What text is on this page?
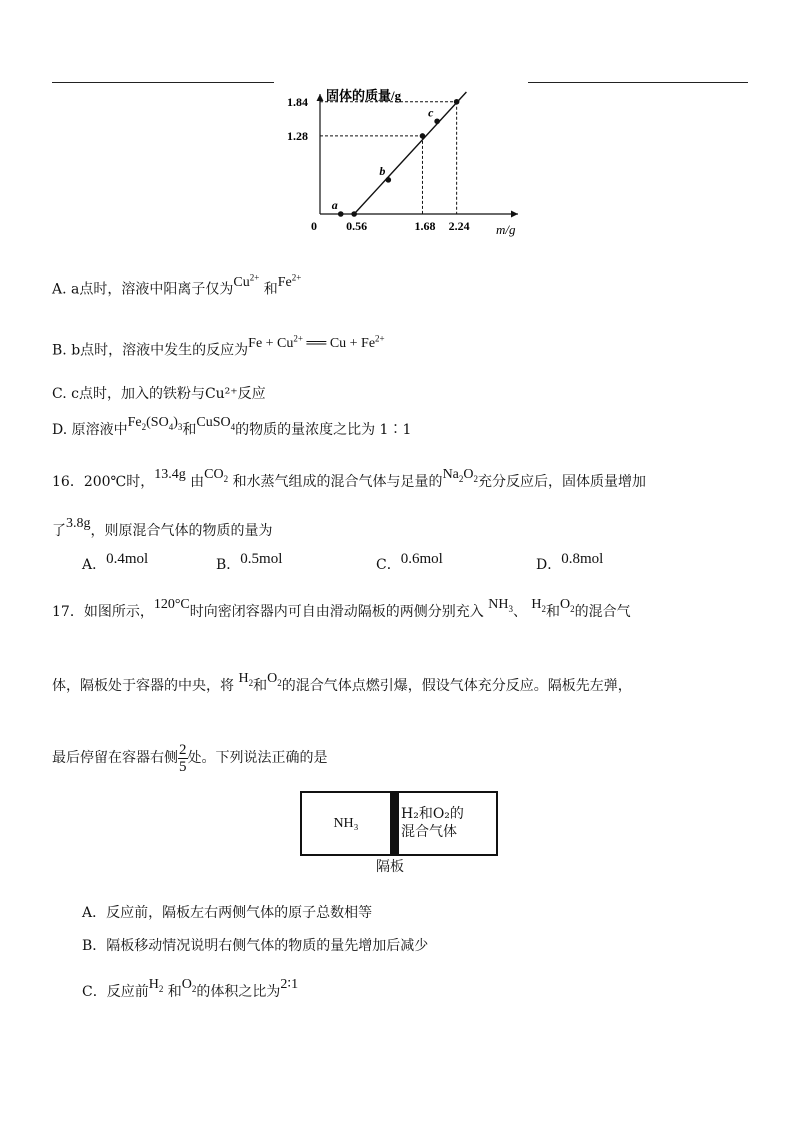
a
b
c
0 0.56	1.68 2.24
1.28
1.84 固体的质量/g
m/g
A. a点时，溶液中阳离子仅为$Cu^{2+}$ 和$Fe^{2+}$
B. b点时，溶液中发生的反应为$Fe + Cu^{2+}$ ══ $Cu + Fe^{2+}$
C. c点时，加入的铁粉与Cu²⁺反应
D. 原溶液中$Fe_2(SO_4)_3$和CuSO$_4$的物质的量浓度之比为 1∶1
16．200℃时，13.4g 由$CO_2$ 和水蒸气组成的混合气体与足量的$Na_2O_2$充分反应后，固体质量增加
了3.8g，则原混合气体的物质的量为
A．0.4mol	B．0.5mol	C．0.6mol	D．0.8mol
17．如图所示，120°C时向密闭容器内可自由滑动隔板的两侧分别充入 $NH_3$、 $H_2$和$O_2$的混合气
体，隔板处于容器的中央，将 $H_2$和$O_2$的混合气体点燃引爆，假设气体充分反应。隔板先左弹，
最后停留在容器右侧 $\frac{2}{5}$ 处。下列说法正确的是
NH₃
H₂和O₂的
混合气体
隔板
A．反应前，隔板左右两侧气体的原子总数相等
B．隔板移动情况说明右侧气体的物质的量先增加后减少
C．反应前$H_2$ 和$O_2$的体积之比为2∶1
